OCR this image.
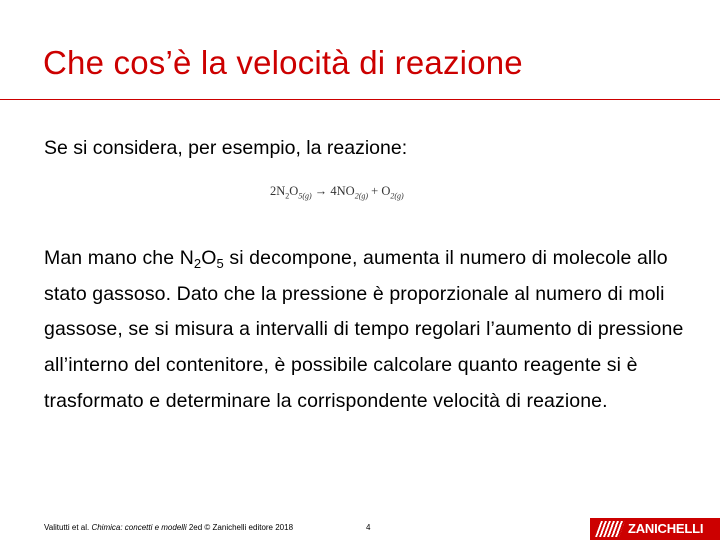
Che cos’è la velocità di reazione

Se si considera, per esempio, la reazione:

$2N_2O_{5(g)} \to 4NO_{2(g)} + O_{2(g)}$

Man mano che $N_2O_5$ si decompone, aumenta il numero di molecole allo stato gassoso. Dato che la pressione è proporzionale al numero di moli gassose, se si misura a intervalli di tempo regolari l’aumento di pressione all’interno del contenitore, è possibile calcolare quanto reagente si è trasformato e determinare la corrispondente velocità di reazione.

Valitutti et al. Chimica: concetti e modelli 2ed © Zanichelli editore 2018	4	ZANICHELLI
